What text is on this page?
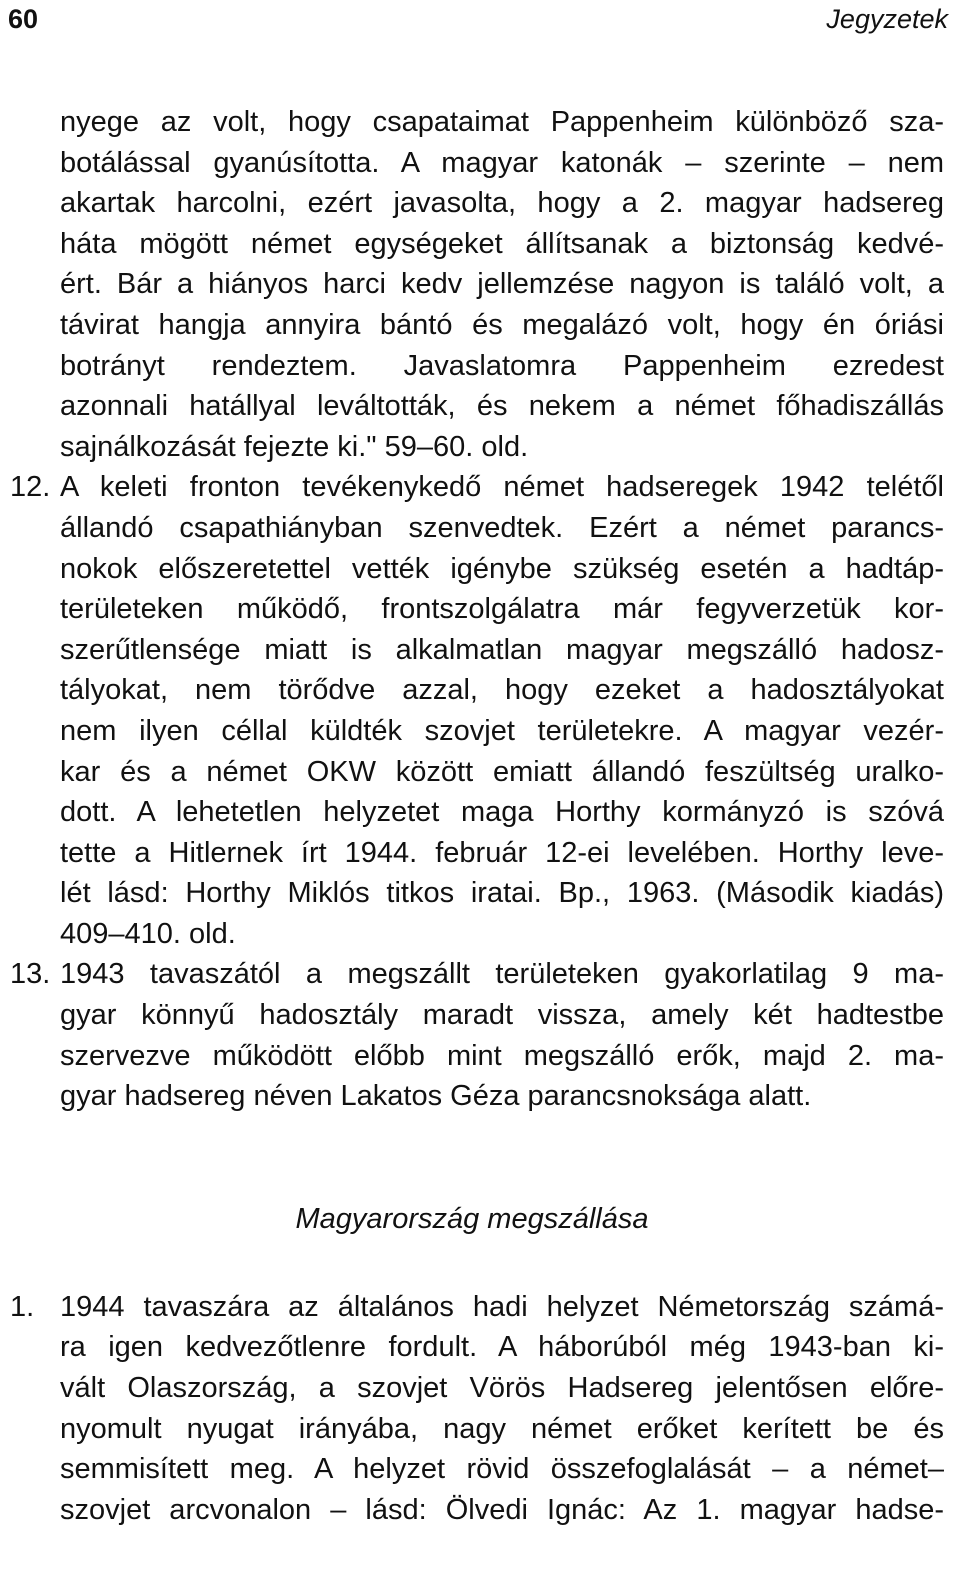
60	Jegyzetek
nyege az volt, hogy csapataimat Pappenheim különböző sza-
botálással gyanúsította. A magyar katonák – szerinte – nem
akartak harcolni, ezért javasolta, hogy a 2. magyar hadsereg
háta mögött német egységeket állítsanak a biztonság kedvé-
ért. Bár a hiányos harci kedv jellemzése nagyon is találó volt, a
távirat hangja annyira bántó és megalázó volt, hogy én óriási
botrányt rendeztem. Javaslatomra Pappenheim ezredest
azonnali hatállyal leváltották, és nekem a német főhadiszállás
sajnálkozását fejezte ki." 59–60. old.
12. A keleti fronton tevékenykedő német hadseregek 1942 telétől
állandó csapathiányban szenvedtek. Ezért a német parancs-
nokok előszeretettel vették igénybe szükség esetén a hadtáp-
területeken működő, frontszolgálatra már fegyverzetük kor-
szerűtlensége miatt is alkalmatlan magyar megszálló hadosz-
tályokat, nem törődve azzal, hogy ezeket a hadosztályokat
nem ilyen céllal küldték szovjet területekre. A magyar vezér-
kar és a német OKW között emiatt állandó feszültség uralko-
dott. A lehetetlen helyzetet maga Horthy kormányzó is szóvá
tette a Hitlernek írt 1944. február 12-ei levelében. Horthy leve-
lét lásd: Horthy Miklós titkos iratai. Bp., 1963. (Második kiadás)
409–410. old.
13. 1943 tavaszától a megszállt területeken gyakorlatilag 9 ma-
gyar könnyű hadosztály maradt vissza, amely két hadtestbe
szervezve működött előbb mint megszálló erők, majd 2. ma-
gyar hadsereg néven Lakatos Géza parancsnoksága alatt.
Magyarország megszállása
1. 1944 tavaszára az általános hadi helyzet Németország számá-
ra igen kedvezőtlenre fordult. A háborúból még 1943-ban ki-
vált Olaszország, a szovjet Vörös Hadsereg jelentősen előre-
nyomult nyugat irányába, nagy német erőket kerített be és
semmisített meg. A helyzet rövid összefoglalását – a német–
szovjet arcvonalon – lásd: Ölvedi Ignác: Az 1. magyar hadse-
